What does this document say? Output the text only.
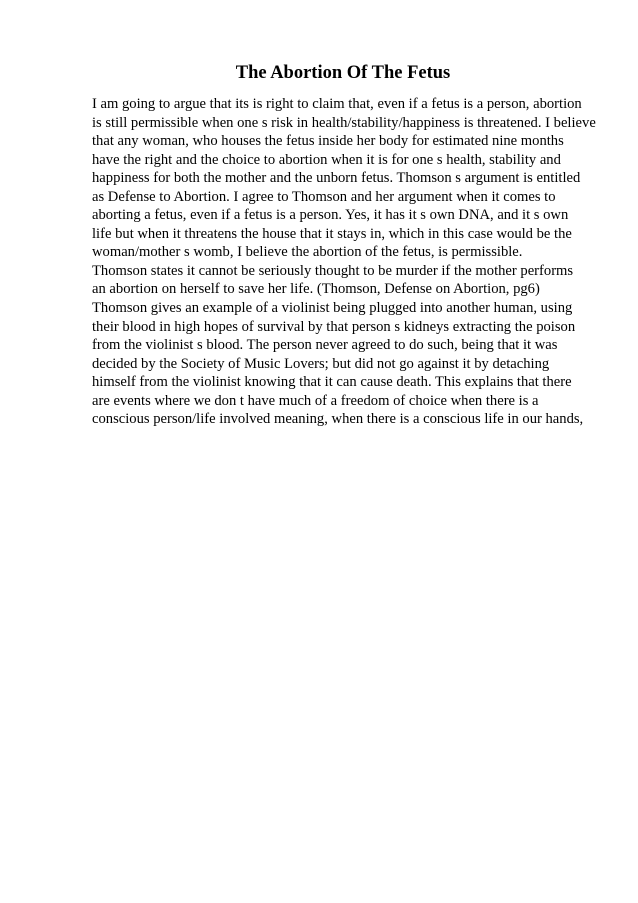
The Abortion Of The Fetus
I am going to argue that its is right to claim that, even if a fetus is a person, abortion
is still permissible when one s risk in health/stability/happiness is threatened. I believe
that any woman, who houses the fetus inside her body for estimated nine months
have the right and the choice to abortion when it is for one s health, stability and
happiness for both the mother and the unborn fetus. Thomson s argument is entitled
as Defense to Abortion. I agree to Thomson and her argument when it comes to
aborting a fetus, even if a fetus is a person. Yes, it has it s own DNA, and it s own
life but when it threatens the house that it stays in, which in this case would be the
woman/mother s womb, I believe the abortion of the fetus, is permissible.
Thomson states it cannot be seriously thought to be murder if the mother performs
an abortion on herself to save her life. (Thomson, Defense on Abortion, pg6)
Thomson gives an example of a violinist being plugged into another human, using
their blood in high hopes of survival by that person s kidneys extracting the poison
from the violinist s blood. The person never agreed to do such, being that it was
decided by the Society of Music Lovers; but did not go against it by detaching
himself from the violinist knowing that it can cause death. This explains that there
are events where we don t have much of a freedom of choice when there is a
conscious person/life involved meaning, when there is a conscious life in our hands,
